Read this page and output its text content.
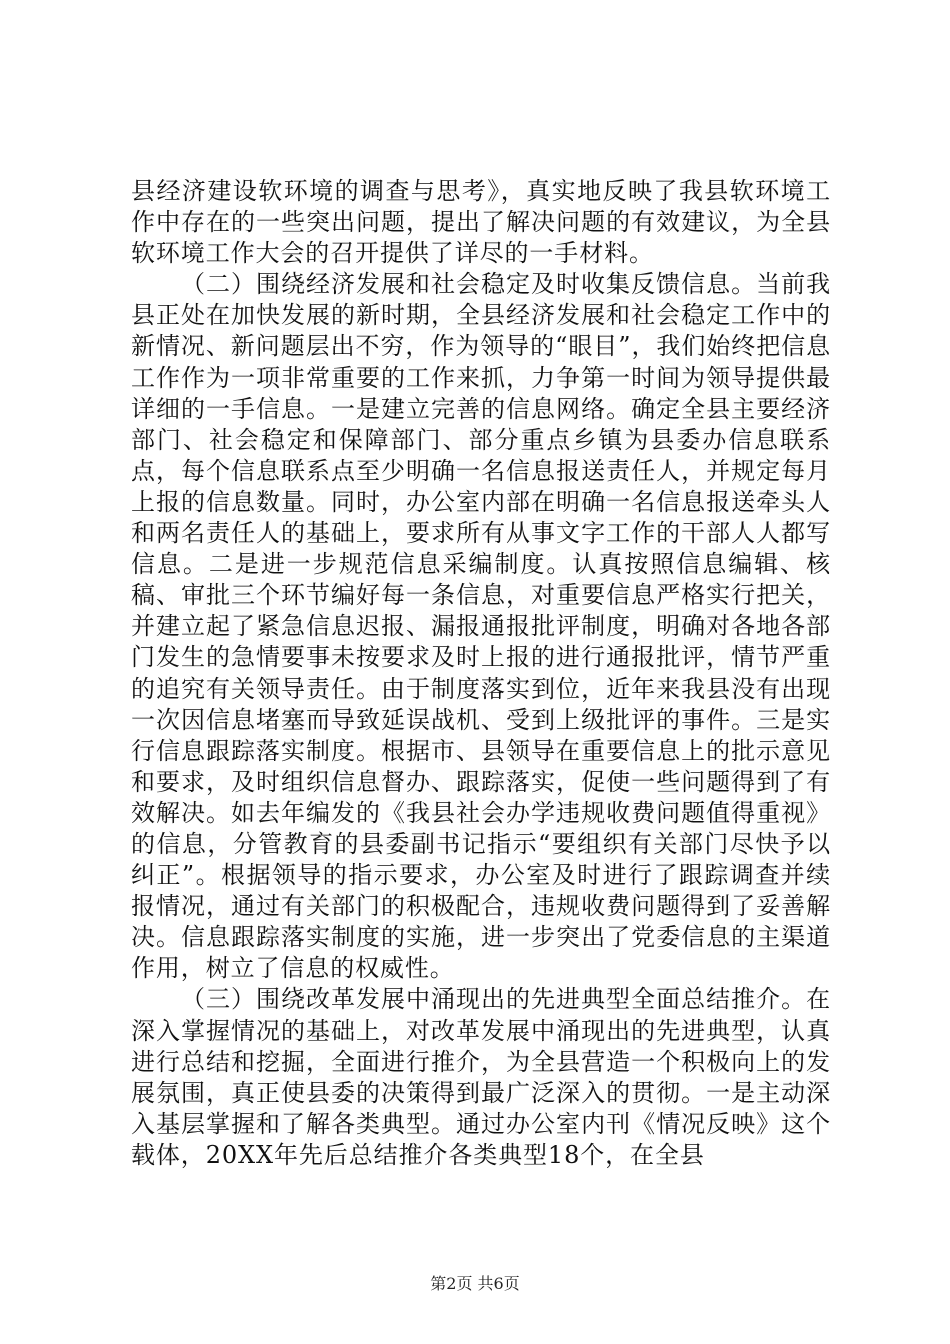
县经济建设软环境的调查与思考》，真实地反映了我县软环境工作中存在的一些突出问题，提出了解决问题的有效建议，为全县软环境工作大会的召开提供了详尽的一手材料。

（二）围绕经济发展和社会稳定及时收集反馈信息。当前我县正处在加快发展的新时期，全县经济发展和社会稳定工作中的新情况、新问题层出不穷，作为领导的“眼目”，我们始终把信息工作作为一项非常重要的工作来抓，力争第一时间为领导提供最详细的一手信息。一是建立完善的信息网络。确定全县主要经济部门、社会稳定和保障部门、部分重点乡镇为县委办信息联系点，每个信息联系点至少明确一名信息报送责任人，并规定每月上报的信息数量。同时，办公室内部在明确一名信息报送牵头人和两名责任人的基础上，要求所有从事文字工作的干部人人都写信息。二是进一步规范信息采编制度。认真按照信息编辑、核稿、审批三个环节编好每一条信息，对重要信息严格实行把关，并建立起了紧急信息迟报、漏报通报批评制度，明确对各地各部门发生的急情要事未按要求及时上报的进行通报批评，情节严重的追究有关领导责任。由于制度落实到位，近年来我县没有出现一次因信息堵塞而导致延误战机、受到上级批评的事件。三是实行信息跟踪落实制度。根据市、县领导在重要信息上的批示意见和要求，及时组织信息督办、跟踪落实，促使一些问题得到了有效解决。如去年编发的《我县社会办学违规收费问题值得重视》的信息，分管教育的县委副书记指示“要组织有关部门尽快予以纠正”。根据领导的指示要求，办公室及时进行了跟踪调查并续报情况，通过有关部门的积极配合，违规收费问题得到了妥善解决。信息跟踪落实制度的实施，进一步突出了党委信息的主渠道作用，树立了信息的权威性。

（三）围绕改革发展中涌现出的先进典型全面总结推介。在深入掌握情况的基础上，对改革发展中涌现出的先进典型，认真进行总结和挖掘，全面进行推介，为全县营造一个积极向上的发展氛围，真正使县委的决策得到最广泛深入的贯彻。一是主动深入基层掌握和了解各类典型。通过办公室内刊《情况反映》这个载体，20XX年先后总结推介各类典型18个，在全县

第2页 共6页
